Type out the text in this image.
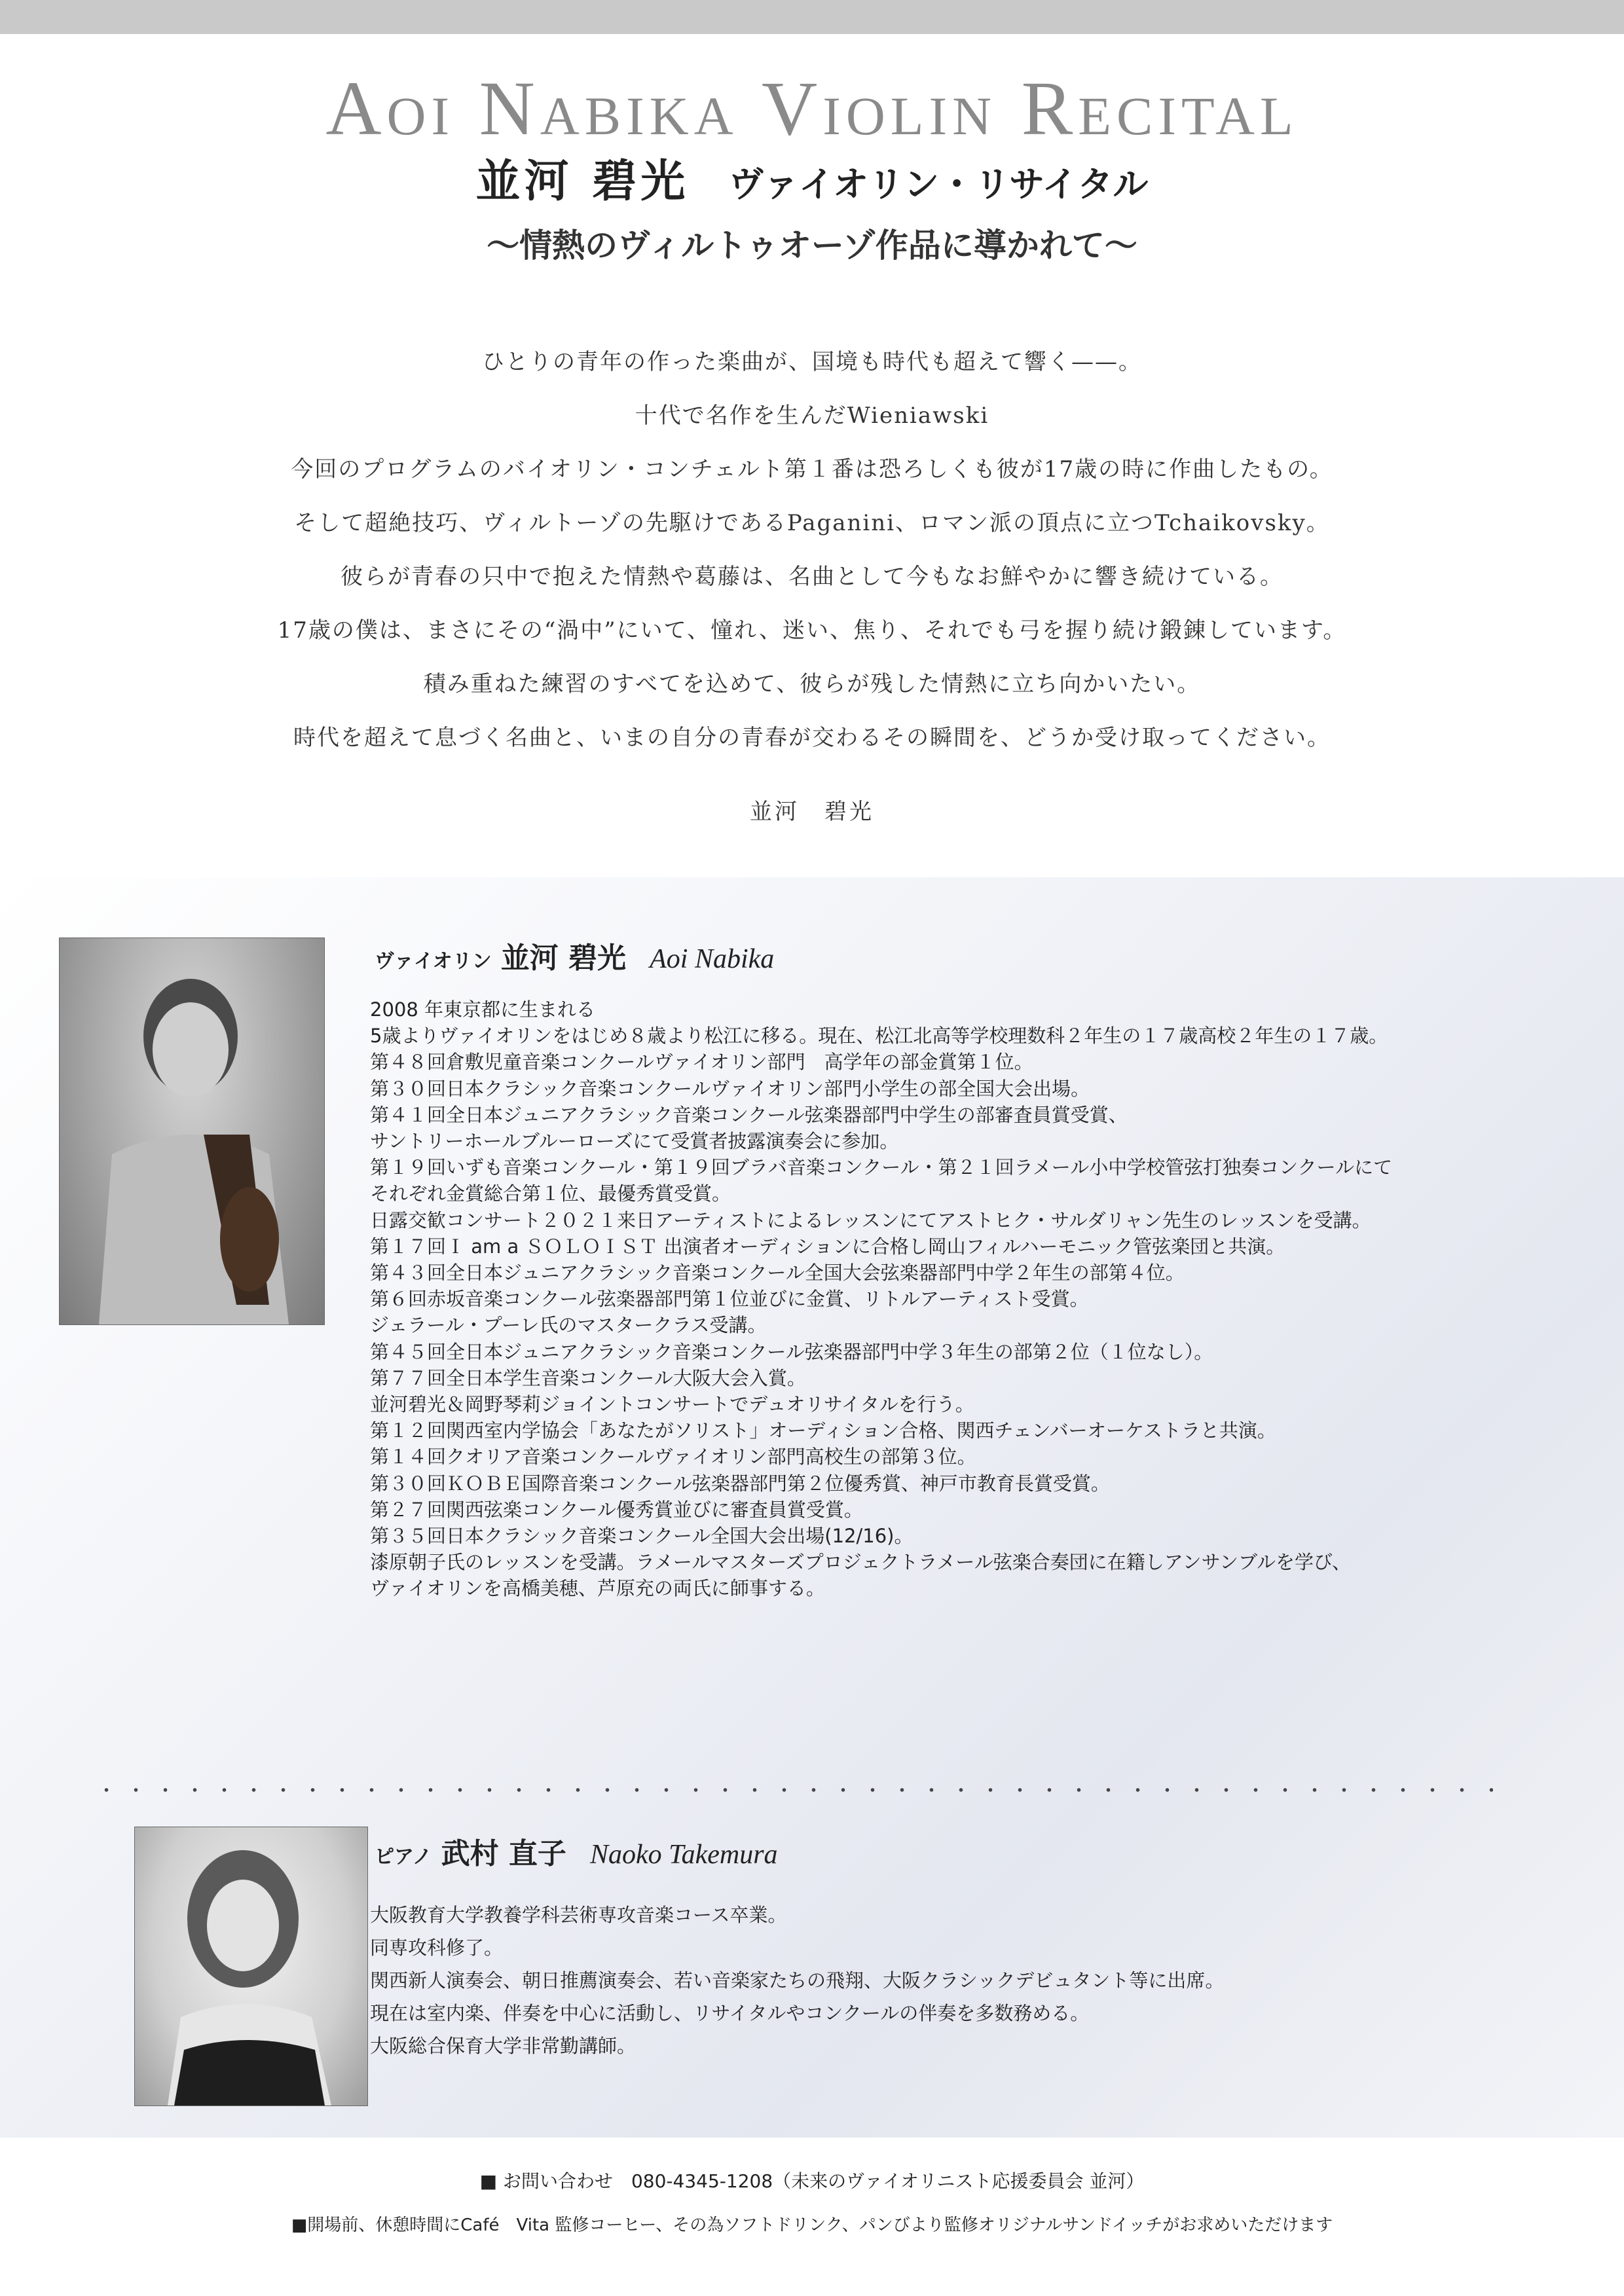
Aoi Nabika Violin Recital
並河 碧光 ヴァイオリン・リサイタル
〜情熱のヴィルトゥオーゾ作品に導かれて〜
ひとりの青年の作った楽曲が、国境も時代も超えて響く——。
十代で名作を生んだWieniawski
今回のプログラムのバイオリン・コンチェルト第１番は恐ろしくも彼が17歳の時に作曲したもの。
そして超絶技巧、ヴィルトーゾの先駆けであるPaganini、ロマン派の頂点に立つTchaikovsky。
彼らが青春の只中で抱えた情熱や葛藤は、名曲として今もなお鮮やかに響き続けている。
17歳の僕は、まさにその“渦中”にいて、憧れ、迷い、焦り、それでも弓を握り続け鍛錬しています。
積み重ねた練習のすべてを込めて、彼らが残した情熱に立ち向かいたい。
時代を超えて息づく名曲と、いまの自分の青春が交わるその瞬間を、どうか受け取ってください。
並河　碧光
ヴァイオリン 並河 碧光 Aoi Nabika
2008 年東京都に生まれる
5歳よりヴァイオリンをはじめ８歳より松江に移る。現在、松江北高等学校理数科２年生の１７歳高校２年生の１７歳。
第４８回倉敷児童音楽コンクールヴァイオリン部門　高学年の部金賞第１位。
第３０回日本クラシック音楽コンクールヴァイオリン部門小学生の部全国大会出場。
第４１回全日本ジュニアクラシック音楽コンクール弦楽器部門中学生の部審査員賞受賞、
サントリーホールブルーローズにて受賞者披露演奏会に参加。
第１９回いずも音楽コンクール・第１９回ブラバ音楽コンクール・第２１回ラメール小中学校管弦打独奏コンクールにて
それぞれ金賞総合第１位、最優秀賞受賞。
日露交歓コンサート２０２１来日アーティストによるレッスンにてアストヒク・サルダリャン先生のレッスンを受講。
第１７回Ｉ am a ＳＯＬＯＩＳＴ 出演者オーディションに合格し岡山フィルハーモニック管弦楽団と共演。
第４３回全日本ジュニアクラシック音楽コンクール全国大会弦楽器部門中学２年生の部第４位。
第６回赤坂音楽コンクール弦楽器部門第１位並びに金賞、リトルアーティスト受賞。
ジェラール・プーレ氏のマスタークラス受講。
第４５回全日本ジュニアクラシック音楽コンクール弦楽器部門中学３年生の部第２位（１位なし）。
第７７回全日本学生音楽コンクール大阪大会入賞。
並河碧光＆岡野琴莉ジョイントコンサートでデュオリサイタルを行う。
第１２回関西室内学協会「あなたがソリスト」オーディション合格、関西チェンバーオーケストラと共演。
第１４回クオリア音楽コンクールヴァイオリン部門高校生の部第３位。
第３０回ＫＯＢＥ国際音楽コンクール弦楽器部門第２位優秀賞、神戸市教育長賞受賞。
第２７回関西弦楽コンクール優秀賞並びに審査員賞受賞。
第３５回日本クラシック音楽コンクール全国大会出場(12/16)。
漆原朝子氏のレッスンを受講。ラメールマスターズプロジェクトラメール弦楽合奏団に在籍しアンサンブルを学び、
ヴァイオリンを高橋美穂、芦原充の両氏に師事する。
ピアノ 武村 直子 Naoko Takemura
大阪教育大学教養学科芸術専攻音楽コース卒業。
同専攻科修了。
関西新人演奏会、朝日推薦演奏会、若い音楽家たちの飛翔、大阪クラシックデビュタント等に出席。
現在は室内楽、伴奏を中心に活動し、リサイタルやコンクールの伴奏を多数務める。
大阪総合保育大学非常勤講師。
■ お問い合わせ　080-4345-1208（未来のヴァイオリニスト応援委員会 並河）
■開場前、休憩時間にCafé　Vita 監修コーヒー、その為ソフトドリンク、パンびより監修オリジナルサンドイッチがお求めいただけます
